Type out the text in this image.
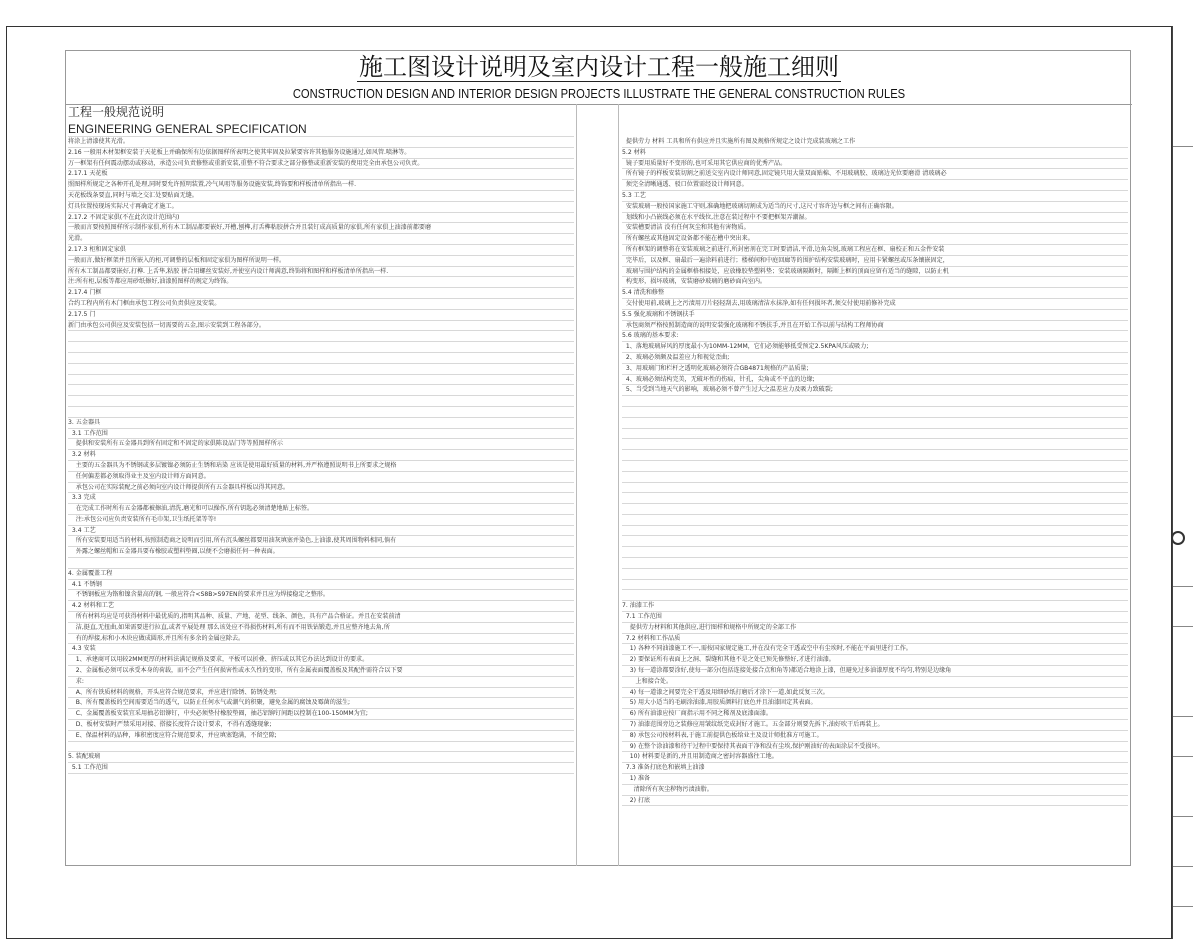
施工图设计说明及室内设计工程一般施工细则
CONSTRUCTION DESIGN AND INTERIOR DESIGN PROJECTS ILLUSTRATE THE GENERAL CONSTRUCTION RULES
工程一般规范说明
ENGINEERING GENERAL SPECIFICATION
将涂上清漆使其光滑。
2.16 一般用木材架框安装于天花板上并确保所有边依据图样所表明之使其牢固及拉紧要容许其他服务设施通过,如风管.喷淋等。
万一框架有任何震动摆动或移动，承造公司负责修整或重新安装,重整不符合要求之部分修整或重新安装的费用完全由承包公司负责。
2.17.1 天花板
照图样所规定之各种开孔处理,同时要允许照明装置,冷气风咀等服务设施安装,终饰要和样板清单所指出一样.
天花板线条要直,同时与墙之交汇处要贴面无缝。
灯具位置按现场实际尺寸再确定才施工。
2.17.2 不固定家俱(不在此次设计范围内)
一般而言要按照图样所示制作家俱,所有木工制品都要嵌好,开槽,刨榫,打舌榫粘胶拼合并且装钉成高质量的家俱,所有家俱上油漆前都要磨
光滑。
2.17.3 柜和固定家俱
一般而言,做好框架并且所嵌入的柜,可调整的层板和固定家俱为图样所说明一样。
所有木工制品都要嵌好,打榫. 上舌隼,粘胶 拼合用螺丝安装好,并使室内设计师满意,终饰将和图样和样板清单所指出一样.
注:所有柜,层板等都应用砂纸擦好,油漆照图样的规定为终饰。
2.17.4 门框
合约工程内所有木门框由承包工程公司负责供应及安装。
2.17.5 门
新门由承包公司供应及安装包括一切需要的五金,图示安装到工程各部分。
3. 五金器具
3.1 工作范围
提供和安装所有五金器具到所有固定和不固定的家俱陈设品门等等照图样所示
3.2 材料
主要的五金器具为不锈钢或多层镀镍必须防止生锈和玷染 应该是使用最好质量的材料,并严格遵照说明书上所要求之规格
任何偏差都必须取得业主及室内设计师方面同意。
承包公司在实际装配之前必须向室内设计师提供所有五金器具样板以得其同意。
3.3 完成
在完成工作时所有五金器都被擦油,清洗,磨光和可以操作,所有钥匙必须清楚地贴上标签。
注:承包公司应负责安装所有毛巾架,卫生纸托架等等!
3.4 工艺
所有安装要用适当的材料,按照制造商之说明而引用,所有沉头螺丝都要用油灰填塞并染色,上油漆,使其周围物料相同,倘有
外露之螺丝帽和五金器具要布橡胶或塑料垫圈,以便不会磨损任何一种表面。
4. 金属覆盖工程
4.1 不锈钢
不锈钢板应为铬和镍含量高的钢, 一般应符合<S8B>S97EN的要求并且应为焊接稳定之整形。
4.2 材料和工艺
所有材料均应是可获得材料中最优质的,指明其品种、质量、产地、花型、线条、颜色，具有产品合格证。并且在安装前清
洁,挺直,无扭曲,如果需要进行拉直,或者平展处理 那么该处应不得损伤材料,所有而不用铁钻锻造,并且应整齐地去角,所
有的焊接,标和小木块应做成圆形,并且所有多余的金属应除去。
4.3 安装
1、承建商可以用较2MM更厚的材料法满足规格及要求，平板可以折叠、挤压或以其它办法达到设计的要求。
2、金属板必须可以承受本身的荷载，而不会产生任何损害性或永久性的变形，所有金属表面覆盖板及其配件需符合以下要
求:
A、所有铁质材料的规格，开头应符合规范要求，并应进行除锈、防锈处理;
B、所有覆盖板的空间需要适当的透气，以防止任何水气或潮气的积聚，避免金属的腐蚀及霉菌的滋生;
C、金属覆盖板安装宜采用抽芯铝铆钉，中央必须垫付橡胶垫圈，抽芯铝铆钉间距以控制在100-150MM为宜;
D、板材安装时严禁采用对接、搭接长度符合设计要求，不得有透缝现象;
E、保温材料的品种，堆积密度应符合规范要求，并应填塞饱满，不留空隙;
5. 装配玻璃
5.1 工作范围
提供劳力 材料 工具和所有供应并且实施所有图及规格所规定之设计完成装玻璃之工作
5.2 材料
镜子要用质量好不变形的,也可采用其它供应商的优秀产品。
所有镜子的样板安装切割之前送交室内设计师同意,固定镜只用大量双面贴棉、不用玻璃胶、玻璃边光位要磨滑 清玻璃必
须完全清晰通透、驳口位置需经设计师同意。
5.3 工艺
安装玻璃一般按国家施工守则,准确地把玻璃切割成为适当的尺寸,这尺寸容许边与框之间有正确容限。
划线和小凸嵌线必须在水平线位,注意在装过程中不要把框架弄潮湿。
安装槽要清洁 没有任何灰尘和其他有害物质。
所有螺丝或其他固定设备都不能在槽中突出来。
所有框架的调整将在安装玻璃之前进行,所封密剂在完工时要清洁,平滑,边角尖锐,玻璃工程应在框、扇校正和五金件安装
完毕后，以及框、扇最后一遍涂料前进行；楼梯间和中庭回廊等的围护结构安装玻璃时，应用卡紧螺丝或压条镶嵌固定，
玻璃与围护结构的金属框格相接处，应放橡胶垫塑料垫；安装玻璃隔断时，隔断上框的顶面应留有适当的缝隙，以防止机
构变形，损坏玻璃，安装磨砂玻璃的磨砂面向室内。
5.4 清洗和修整
交付使用前,玻璃上之污渍用刀片轻轻刮去,用玻璃清洁水抹净,如有任何损坏者,须交付使用前修补完成
5.5 强化玻璃和不锈钢扶手
承包商须严格按照制造商的说明安装强化玻璃和不锈扶手,并且在开始工作以前与结构工程师协商
5.6 玻璃的基本要求:
1、落地玻璃屏风的厚度最小为10MM-12MM，它们必须能够抵受预定2.5KPA风压或吸力;
2、玻璃必须颇及温差应力和视觉歪曲;
3、用玻璃门和栏杆之透明化玻璃必须符合GB4871规格的产品质量;
4、玻璃必须结构完美，无破坏性的伤痕，针孔，尖角或不平直的边缘;
5、当受到当地天气的影响，玻璃必须不曾产生过大之温差应力及吸力致破裂;
7. 油漆工作
7.1 工作范围
提供劳力材料和其他供应,进行图样和规格中所规定的全部工作
7.2 材料和工作品质
1) 各种不同油漆施工不一,需按国家规定施工,并在没有完全干透或空中有尘埃时,不能在平面里进行工作。
2) 要保证所有表面上之洞、裂缝和其他不是之处已预先修整好,才进行油漆。
3) 每一道涂都要涂好,使每一部分(包括连接处接合点和角等)都适合地涂上漆，但避免过多油漆厚度不均匀,特别是边缘角
上和接合处。
4) 每一道漆之间要完全干透及用细砂纸打磨后才涂下一道,如此反复三次。
5) 用大小适当的毛刷涂油漆,用胶质颜料打底色并且油漆固定其表面。
6) 所有油漆应按厂商指示用不同之稀剂及底漆面漆。
7) 油漆范围旁边之装修应用皱纹纸完成封好才施工。五金部分则要先拆下,油好吹干后再装上。
8) 承包公司按材料表,于施工前提供色板给业主及设计师批准方可施工。
9) 在整个涂油漆和待干过程中要保持其表面干净和没有尘埃,保护刚油好的表面涂层不受损坏。
10) 材料要是新的,并且用制造商之密封容器盛往工地。
7.3 准备打底色和嵌填上油漆
1) 准备
清除所有灰尘秽物污渍油脂。
2) 打底
